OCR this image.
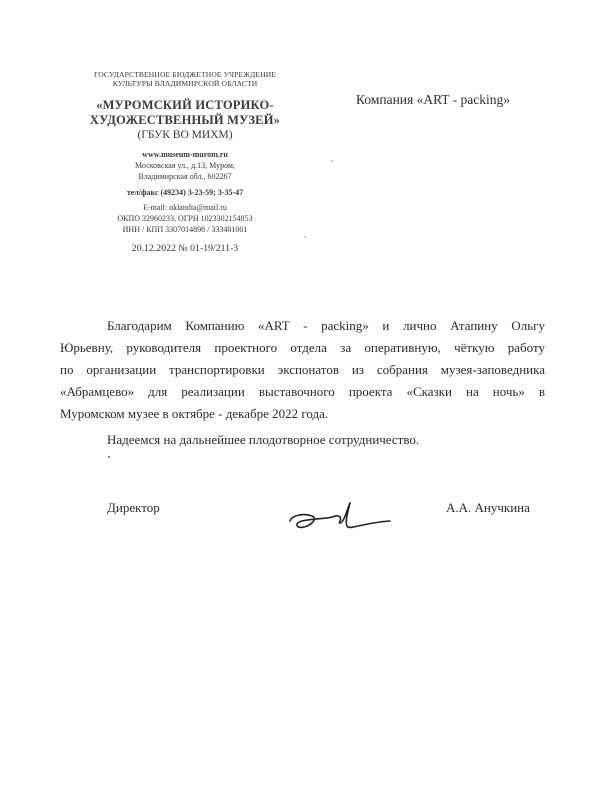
ГОСУДАРСТВЕННОЕ БЮДЖЕТНОЕ УЧРЕЖДЕНИЕ
КУЛЬТУРЫ ВЛАДИМИРСКОЙ ОБЛАСТИ
«МУРОМСКИЙ ИСТОРИКО-
ХУДОЖЕСТВЕННЫЙ МУЗЕЙ»
(ГБУК ВО МИХМ)
www.museum-murom.ru
Московская ул., д.13, Муром,
Владимирская обл., 602267
тел/факс (49234) 3-23-59; 3-35-47
E-mail: oklandia@mail.ru
ОКПО 32960233, ОГРН 1023302154853
ИНН / КПП 3307014898 / 333401001
20.12.2022 № 01-19/211-3
Компания «ART - packing»
Благодарим Компанию «ART - packing» и лично Атапину Ольгу
Юрьевну, руководителя проектного отдела за оперативную, чёткую работу
по организации транспортировки экспонатов из собрания музея-заповедника
«Абрамцево» для реализации выставочного проекта «Сказки на ночь» в
Муромском музее в октябре - декабре 2022 года.
Надеемся на дальнейшее плодотворное сотрудничество.
Директор	А.А. Анучкина
